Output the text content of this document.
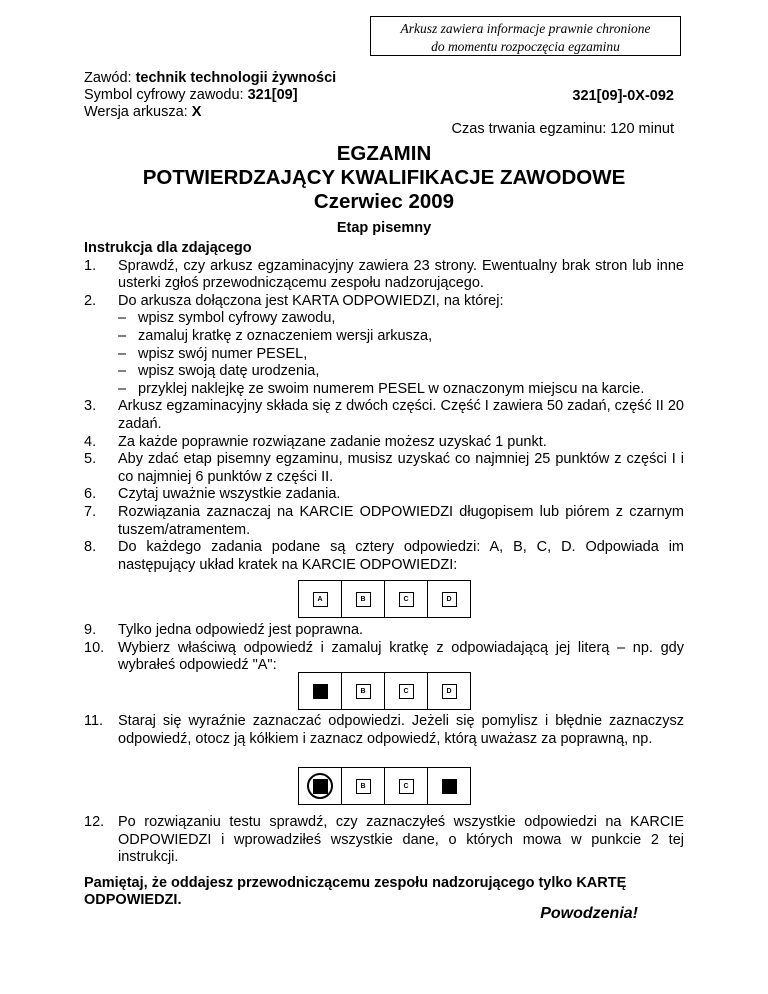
Arkusz zawiera informacje prawnie chronione
do momentu rozpoczęcia egzaminu
Zawód: technik technologii żywności
Symbol cyfrowy zawodu: 321[09]
Wersja arkusza: X
321[09]-0X-092
Czas trwania egzaminu: 120 minut
EGZAMIN
POTWIERDZAJĄCY KWALIFIKACJE ZAWODOWE
Czerwiec 2009
Etap pisemny
Instrukcja dla zdającego
1.	Sprawdź, czy arkusz egzaminacyjny zawiera 23 strony. Ewentualny brak stron lub inne usterki zgłoś przewodniczącemu zespołu nadzorującego.
2.	Do arkusza dołączona jest KARTA ODPOWIEDZI, na której:
– wpisz symbol cyfrowy zawodu,
– zamaluj kratkę z oznaczeniem wersji arkusza,
– wpisz swój numer PESEL,
– wpisz swoją datę urodzenia,
– przyklej naklejkę ze swoim numerem PESEL w oznaczonym miejscu na karcie.
3.	Arkusz egzaminacyjny składa się z dwóch części. Część I zawiera 50 zadań, część II 20 zadań.
4.	Za każde poprawnie rozwiązane zadanie możesz uzyskać 1 punkt.
5.	Aby zdać etap pisemny egzaminu, musisz uzyskać co najmniej 25 punktów z części I i co najmniej 6 punktów z części II.
6.	Czytaj uważnie wszystkie zadania.
7.	Rozwiązania zaznaczaj na KARCIE ODPOWIEDZI długopisem lub piórem z czarnym tuszem/atramentem.
8.	Do każdego zadania podane są cztery odpowiedzi: A, B, C, D. Odpowiada im następujący układ kratek na KARCIE ODPOWIEDZI:
A	B	C	D
9.	Tylko jedna odpowiedź jest poprawna.
10. Wybierz właściwą odpowiedź i zamaluj kratkę z odpowiadającą jej literą – np. gdy wybrałeś odpowiedź "A":
A	B	C	D
11.	Staraj się wyraźnie zaznaczać odpowiedzi. Jeżeli się pomylisz i błędnie zaznaczysz odpowiedź, otocz ją kółkiem i zaznacz odpowiedź, którą uważasz za poprawną, np.
A	B	C	D
12. Po rozwiązaniu testu sprawdź, czy zaznaczyłeś wszystkie odpowiedzi na KARCIE ODPOWIEDZI i wprowadziłeś wszystkie dane, o których mowa w punkcie 2 tej instrukcji.
Pamiętaj, że oddajesz przewodniczącemu zespołu nadzorującego tylko KARTĘ ODPOWIEDZI.
Powodzenia!
